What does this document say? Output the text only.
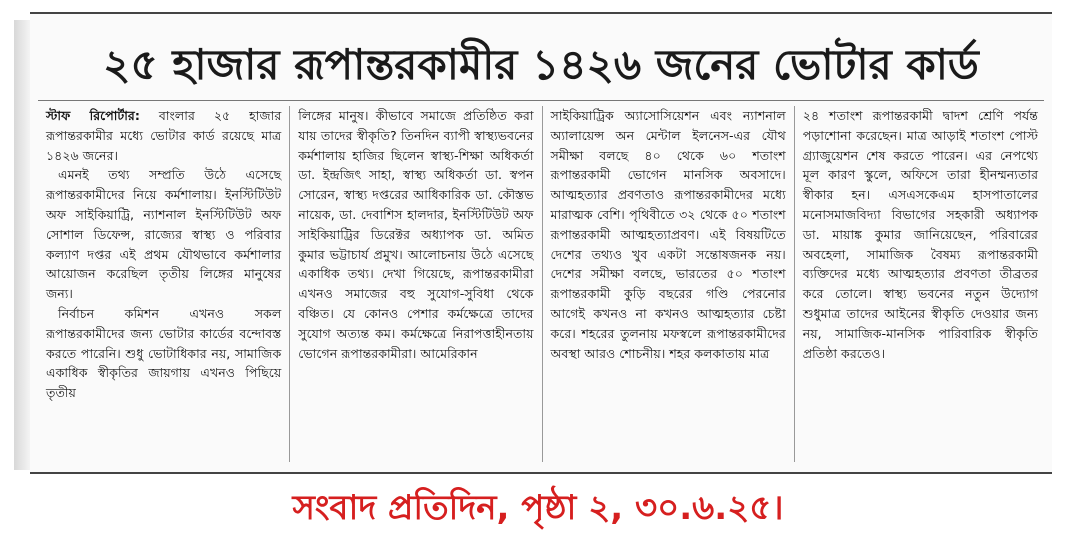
২৫ হাজার রূপান্তরকামীর ১৪২৬ জনের ভোটার কার্ড

স্টাফ রিপোর্টার: বাংলার ২৫ হাজার রূপান্তরকামীর মধ্যে ভোটার কার্ড রয়েছে মাত্র ১৪২৬ জনের।

এমনই তথ্য সম্প্রতি উঠে এসেছে রূপান্তরকামীদের নিয়ে কর্মশালায়। ইনস্টিটিউট অফ সাইকিয়াট্রি, ন্যাশনাল ইনস্টিটিউট অফ সোশাল ডিফেন্স, রাজ্যের স্বাস্থ্য ও পরিবার কল্যাণ দপ্তর এই প্রথম যৌথভাবে কর্মশালার আয়োজন করেছিল তৃতীয় লিঙ্গের মানুষের জন্য।

নির্বাচন কমিশন এখনও সকল রূপান্তরকামীদের জন্য ভোটার কার্ডের বন্দোবস্ত করতে পারেনি। শুধু ভোটাধিকার নয়, সামাজিক একাধিক স্বীকৃতির জায়গায় এখনও পিছিয়ে তৃতীয়

লিঙ্গের মানুষ। কীভাবে সমাজে প্রতিষ্ঠিত করা যায় তাদের স্বীকৃতি? তিনদিন ব্যাপী স্বাস্থ্যভবনের কর্মশালায় হাজির ছিলেন স্বাস্থ্য-শিক্ষা অধিকর্তা ডা. ইন্দ্রজিৎ সাহা, স্বাস্থ্য অধিকর্তা ডা. স্বপন সোরেন, স্বাস্থ্য দপ্তরের আধিকারিক ডা. কৌস্তভ নায়েক, ডা. দেবাশিস হালদার, ইনস্টিটিউট অফ সাইকিয়াট্রির ডিরেক্টর অধ্যাপক ডা. অমিত কুমার ভট্টাচার্য প্রমুখ। আলোচনায় উঠে এসেছে একাধিক তথ্য। দেখা গিয়েছে, রূপান্তরকামীরা এখনও সমাজের বহু সুযোগ-সুবিধা থেকে বঞ্চিত। যে কোনও পেশার কর্মক্ষেত্রে তাদের সুযোগ অত্যন্ত কম। কর্মক্ষেত্রে নিরাপত্তাহীনতায় ভোগেন রূপান্তরকামীরা। আমেরিকান

সাইকিয়াট্রিক অ্যাসোসিয়েশন এবং ন্যাশনাল অ্যালায়েন্স অন মেন্টাল ইলনেস-এর যৌথ সমীক্ষা বলছে ৪০ থেকে ৬০ শতাংশ রূপান্তরকামী ভোগেন মানসিক অবসাদে। আত্মহত্যার প্রবণতাও রূপান্তরকামীদের মধ্যে মারাত্মক বেশি। পৃথিবীতে ৩২ থেকে ৫০ শতাংশ রূপান্তরকামী আত্মহত্যাপ্রবণ। এই বিষয়টিতে দেশের তথ্যও খুব একটা সন্তোষজনক নয়। দেশের সমীক্ষা বলছে, ভারতের ৫০ শতাংশ রূপান্তরকামী কুড়ি বছরের গণ্ডি পেরনোর আগেই কখনও না কখনও আত্মহত্যার চেষ্টা করে। শহরের তুলনায় মফস্বলে রূপান্তরকামীদের অবস্থা আরও শোচনীয়। শহর কলকাতায় মাত্র

২৪ শতাংশ রূপান্তরকামী দ্বাদশ শ্রেণি পর্যন্ত পড়াশোনা করেছেন। মাত্র আড়াই শতাংশ পোস্ট গ্র্যাজুয়েশন শেষ করতে পারেন। এর নেপথ্যে মূল কারণ স্কুলে, অফিসে তারা হীনম্মন্যতার স্বীকার হন। এসএসকেএম হাসপাতালের মনোসমাজবিদ্যা বিভাগের সহকারী অধ্যাপক ডা. মায়াঙ্ক কুমার জানিয়েছেন, পরিবারের অবহেলা, সামাজিক বৈষম্য রূপান্তরকামী ব্যক্তিদের মধ্যে আত্মহত্যার প্রবণতা তীব্রতর করে তোলে। স্বাস্থ্য ভবনের নতুন উদ্যোগ শুধুমাত্র তাদের আইনের স্বীকৃতি দেওয়ার জন্য নয়, সামাজিক-মানসিক পারিবারিক স্বীকৃতি প্রতিষ্ঠা করতেও।

সংবাদ প্রতিদিন, পৃষ্ঠা ২, ৩০.৬.২৫।
